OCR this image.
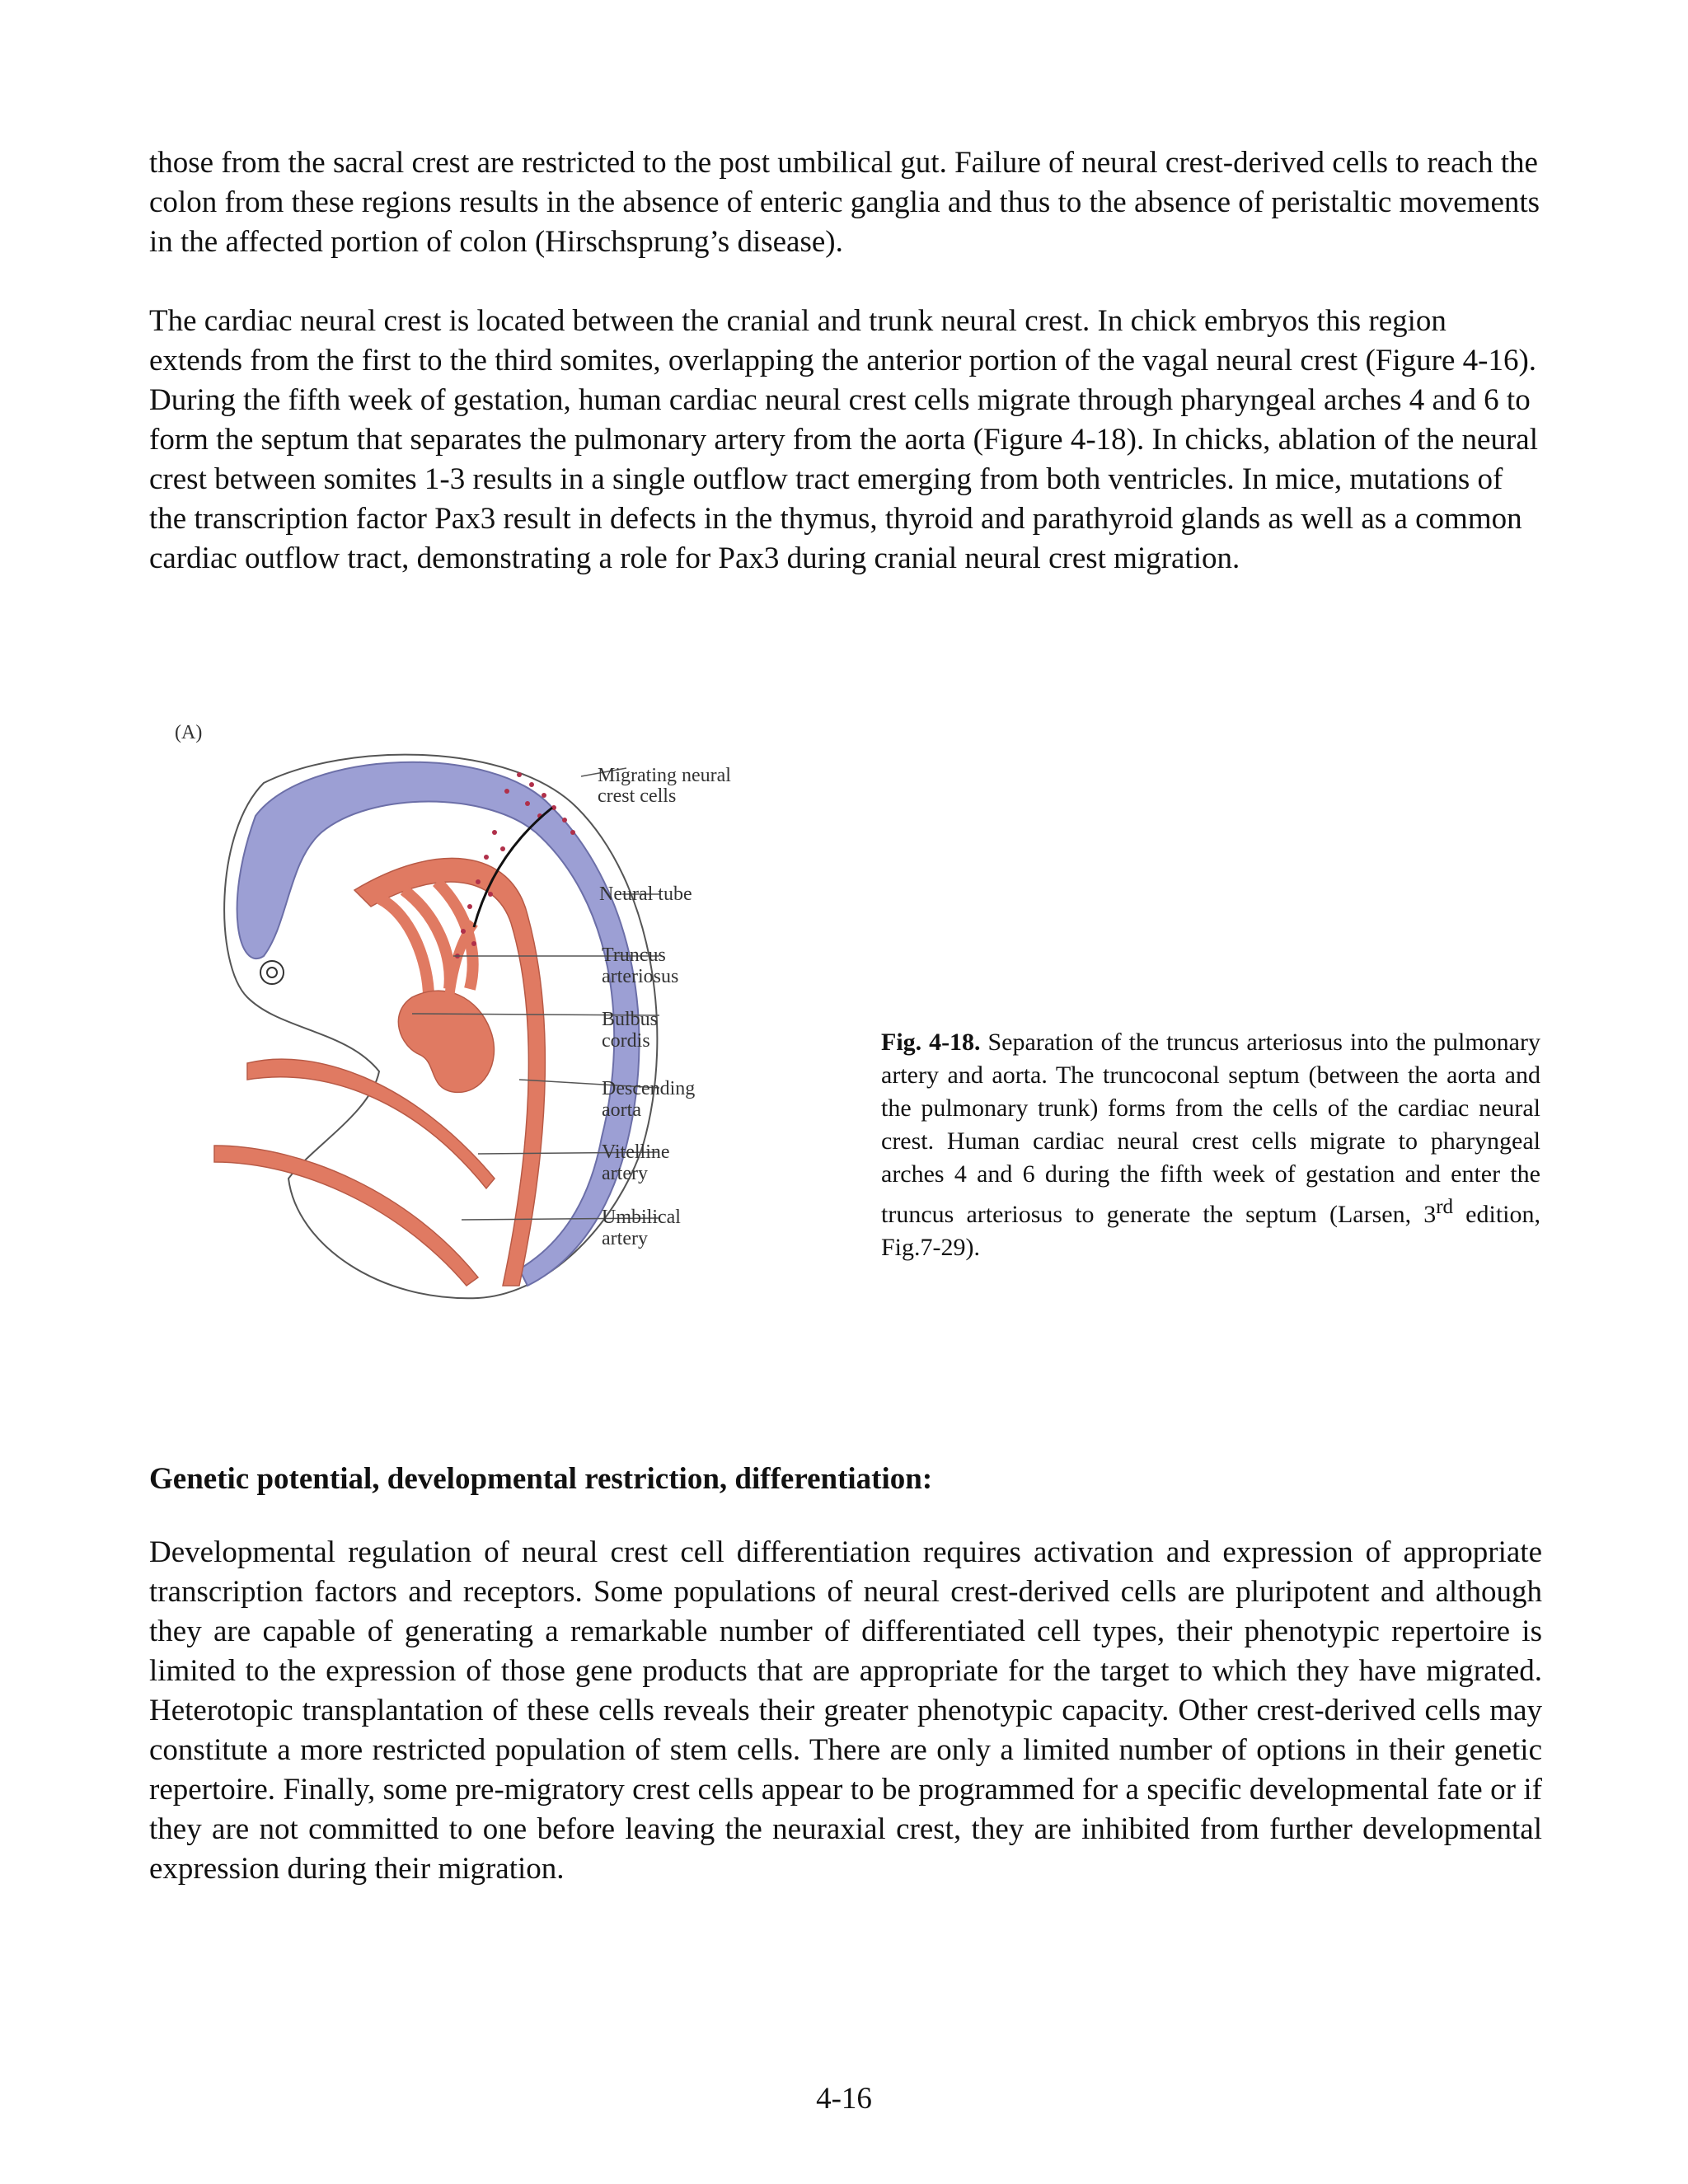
those from the sacral crest are restricted to the post umbilical gut. Failure of neural crest-derived cells to reach the colon from these regions results in the absence of enteric ganglia and thus to the absence of peristaltic movements in the affected portion of colon (Hirschsprung’s disease).

The cardiac neural crest is located between the cranial and trunk neural crest. In chick embryos this region extends from the first to the third somites, overlapping the anterior portion of the vagal neural crest (Figure 4-16). During the fifth week of gestation, human cardiac neural crest cells migrate through pharyngeal arches 4 and 6 to form the septum that separates the pulmonary artery from the aorta (Figure 4-18). In chicks, ablation of the neural crest between somites 1-3 results in a single outflow tract emerging from both ventricles. In mice, mutations of the transcription factor Pax3 result in defects in the thymus, thyroid and parathyroid glands as well as a common cardiac outflow tract, demonstrating a role for Pax3 during cranial neural crest migration.

(A)
Migrating neural
crest cells
Neural tube
Truncus
arteriosus
Bulbus
cordis
Descending
aorta
Vitelline
artery
Umbilical
artery

Fig. 4-18. Separation of the truncus arteriosus into the pulmonary artery and aorta. The truncoconal septum (between the aorta and the pulmonary trunk) forms from the cells of the cardiac neural crest. Human cardiac neural crest cells migrate to pharyngeal arches 4 and 6 during the fifth week of gestation and enter the truncus arteriosus to generate the septum (Larsen, 3rd edition, Fig.7-29).

Genetic potential, developmental restriction, differentiation:

Developmental regulation of neural crest cell differentiation requires activation and expression of appropriate transcription factors and receptors. Some populations of neural crest-derived cells are pluripotent and although they are capable of generating a remarkable number of differentiated cell types, their phenotypic repertoire is limited to the expression of those gene products that are appropriate for the target to which they have migrated. Heterotopic transplantation of these cells reveals their greater phenotypic capacity. Other crest-derived cells may constitute a more restricted population of stem cells. There are only a limited number of options in their genetic repertoire. Finally, some pre-migratory crest cells appear to be programmed for a specific developmental fate or if they are not committed to one before leaving the neuraxial crest, they are inhibited from further developmental expression during their migration.

4-16
